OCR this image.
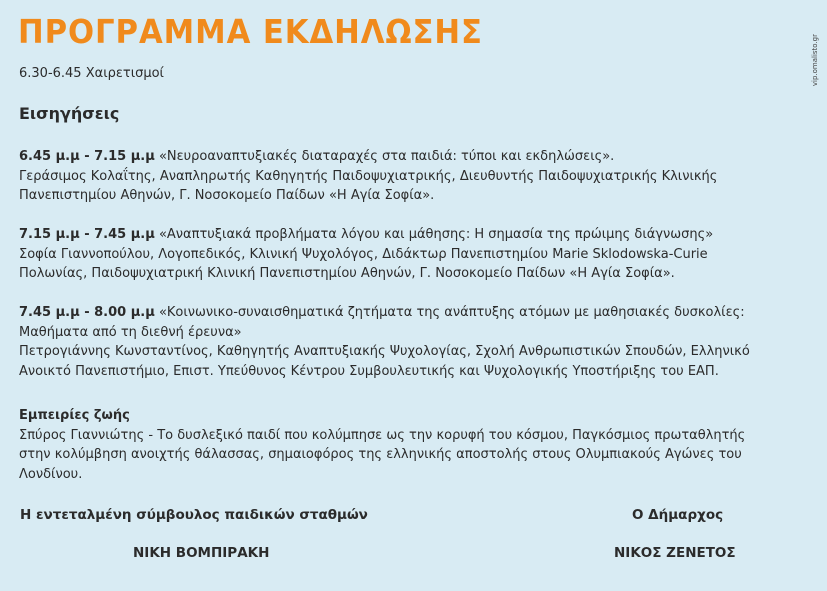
ΠΡΟΓΡΑΜΜΑ ΕΚΔΗΛΩΣΗΣ
vip.omalisto.gr
6.30-6.45 Χαιρετισμοί
Εισηγήσεις
6.45 μ.μ - 7.15 μ.μ «Νευροαναπτυξιακές διαταραχές στα παιδιά: τύποι και εκδηλώσεις».
Γεράσιμος Κολαΐτης, Αναπληρωτής Καθηγητής Παιδοψυχιατρικής, Διευθυντής Παιδοψυχιατρικής Κλινικής
Πανεπιστημίου Αθηνών, Γ. Νοσοκομείο Παίδων «Η Αγία Σοφία».
7.15 μ.μ - 7.45 μ.μ «Αναπτυξιακά προβλήματα λόγου και μάθησης: Η σημασία της πρώιμης διάγνωσης»
Σοφία Γιαννοπούλου, Λογοπεδικός, Κλινική Ψυχολόγος, Διδάκτωρ Πανεπιστημίου Marie Sklodowska-Curie
Πολωνίας, Παιδοψυχιατρική Κλινική Πανεπιστημίου Αθηνών, Γ. Νοσοκομείο Παίδων «Η Αγία Σοφία».
7.45 μ.μ - 8.00 μ.μ «Κοινωνικο-συναισθηματικά ζητήματα της ανάπτυξης ατόμων με μαθησιακές δυσκολίες:
Μαθήματα από τη διεθνή έρευνα»
Πετρογιάννης Κωνσταντίνος, Καθηγητής Αναπτυξιακής Ψυχολογίας, Σχολή Ανθρωπιστικών Σπουδών, Ελληνικό
Ανοικτό Πανεπιστήμιο, Επιστ. Υπεύθυνος Κέντρου Συμβουλευτικής και Ψυχολογικής Υποστήριξης του ΕΑΠ.
Εμπειρίες ζωής
Σπύρος Γιαννιώτης - Το δυσλεξικό παιδί που κολύμπησε ως την κορυφή του κόσμου, Παγκόσμιος πρωταθλητής
στην κολύμβηση ανοιχτής θάλασσας, σημαιοφόρος της ελληνικής αποστολής στους Ολυμπιακούς Αγώνες του
Λονδίνου.
Η εντεταλμένη σύμβουλος παιδικών σταθμών
ΝΙΚΗ ΒΟΜΠΙΡΑΚΗ
Ο Δήμαρχος
ΝΙΚΟΣ ΖΕΝΕΤΟΣ
